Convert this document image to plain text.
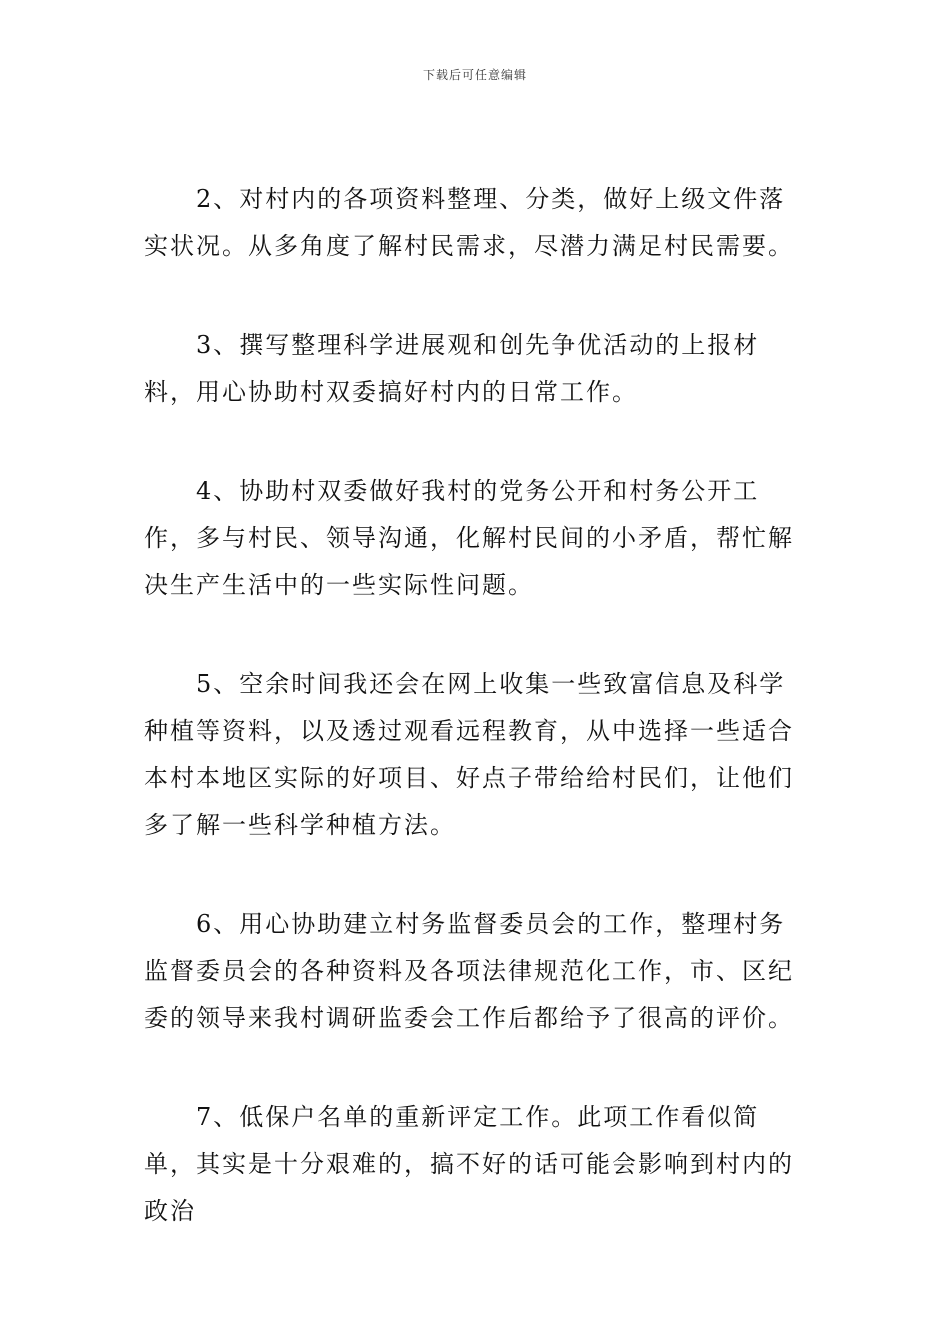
下载后可任意编辑

2、对村内的各项资料整理、分类，做好上级文件落实状况。从多角度了解村民需求，尽潜力满足村民需要。

3、撰写整理科学进展观和创先争优活动的上报材料，用心协助村双委搞好村内的日常工作。

4、协助村双委做好我村的党务公开和村务公开工作，多与村民、领导沟通，化解村民间的小矛盾，帮忙解决生产生活中的一些实际性问题。

5、空余时间我还会在网上收集一些致富信息及科学种植等资料，以及透过观看远程教育，从中选择一些适合本村本地区实际的好项目、好点子带给给村民们，让他们多了解一些科学种植方法。

6、用心协助建立村务监督委员会的工作，整理村务监督委员会的各种资料及各项法律规范化工作，市、区纪委的领导来我村调研监委会工作后都给予了很高的评价。

7、低保户名单的重新评定工作。此项工作看似简单，其实是十分艰难的，搞不好的话可能会影响到村内的政治
